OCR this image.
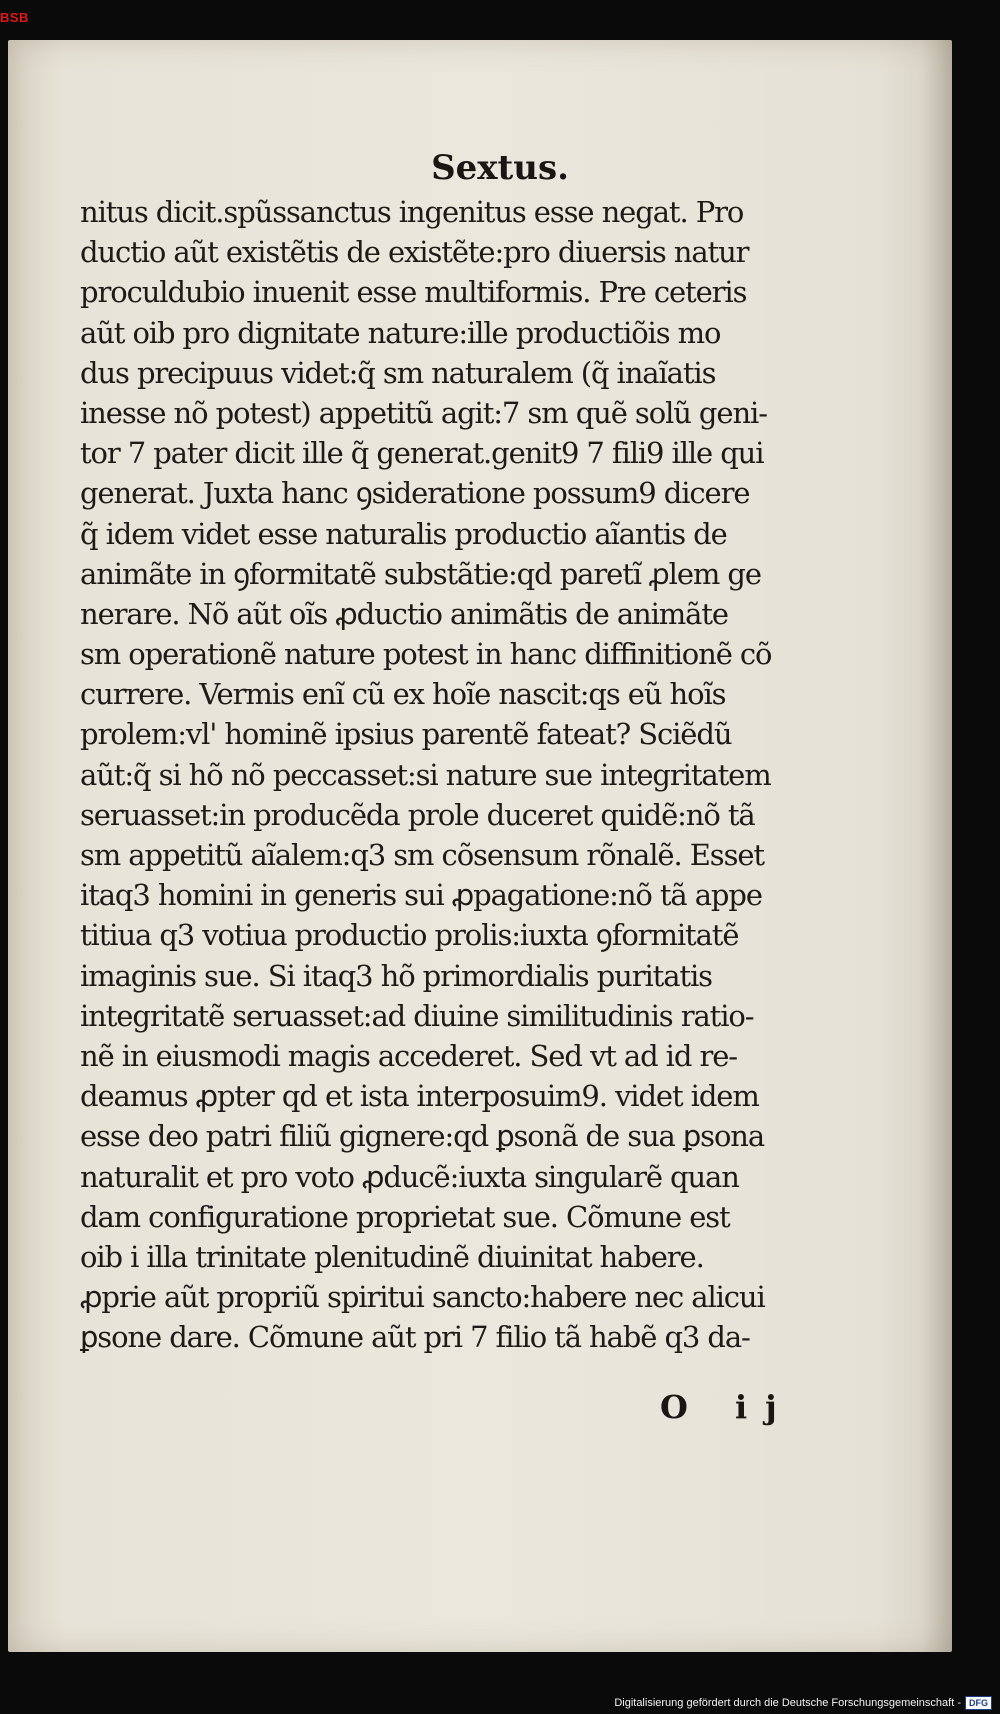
BSB
Sextus.
nitus dicit.spũssanctus ingenitus esse negat. Pro
ductio aũt existẽtis de existẽte:pro diuersis natur
proculdubio inuenit esse multiformis. Pre ceteris
aũt oib pro dignitate nature:ille productiõis mo
dus precipuus videt:q̃ sm naturalem (q̃ inaĩatis
inesse nõ potest) appetitũ agit:7 sm quẽ solũ geni-
tor 7 pater dicit ille q̃ generat.genit9 7 fili9 ille qui
generat. Juxta hanc ꝯsideratione possum9 dicere
q̃ idem videt esse naturalis productio aĩantis de
animãte in ꝯformitatẽ substãtie:qd paretĩ ꝓlem ge
nerare. Nõ aũt oĩs ꝓductio animãtis de animãte
sm operationẽ nature potest in hanc diffinitionẽ cõ
currere. Vermis enĩ cũ ex hoĩe nascit:qs eũ hoĩs
prolem:vl' hominẽ ipsius parentẽ fateat? Sciẽdũ
aũt:q̃ si hõ nõ peccasset:si nature sue integritatem
seruasset:in producẽda prole duceret quidẽ:nõ tã
sm appetitũ aĩalem:q3 sm cõsensum rõnalẽ. Esset
itaq3 homini in generis sui ꝓpagatione:nõ tã appe
titiua q3 votiua productio prolis:iuxta ꝯformitatẽ
imaginis sue. Si itaq3 hõ primordialis puritatis
integritatẽ seruasset:ad diuine similitudinis ratio-
nẽ in eiusmodi magis accederet. Sed vt ad id re-
deamus ꝓpter qd et ista interposuim9. videt idem
esse deo patri filiũ gignere:qd ꝑsonã de sua ꝑsona
naturalit et pro voto ꝓducẽ:iuxta singularẽ quan
dam configuratione proprietat sue. Cõmune est
oib i illa trinitate plenitudinẽ diuinitat habere.
ꝓprie aũt propriũ spiritui sancto:habere nec alicui
ꝑsone dare. Cõmune aũt pri 7 filio tã habẽ q3 da-
O ij
Digitalisierung gefördert durch die Deutsche Forschungsgemeinschaft - DFG
